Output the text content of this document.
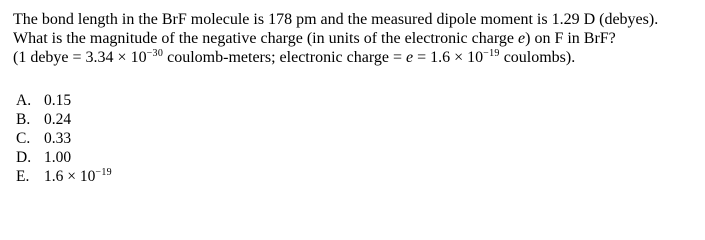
The bond length in the BrF molecule is 178 pm and the measured dipole moment is 1.29 D (debyes).
What is the magnitude of the negative charge (in units of the electronic charge e) on F in BrF?
(1 debye = $3.34 \times 10^{-30}$ coulomb-meters; electronic charge = $e = 1.6 \times 10^{-19}$ coulombs).
A. 0.15
B. 0.24
C. 0.33
D. 1.00
E. $1.6 \times 10^{-19}$
